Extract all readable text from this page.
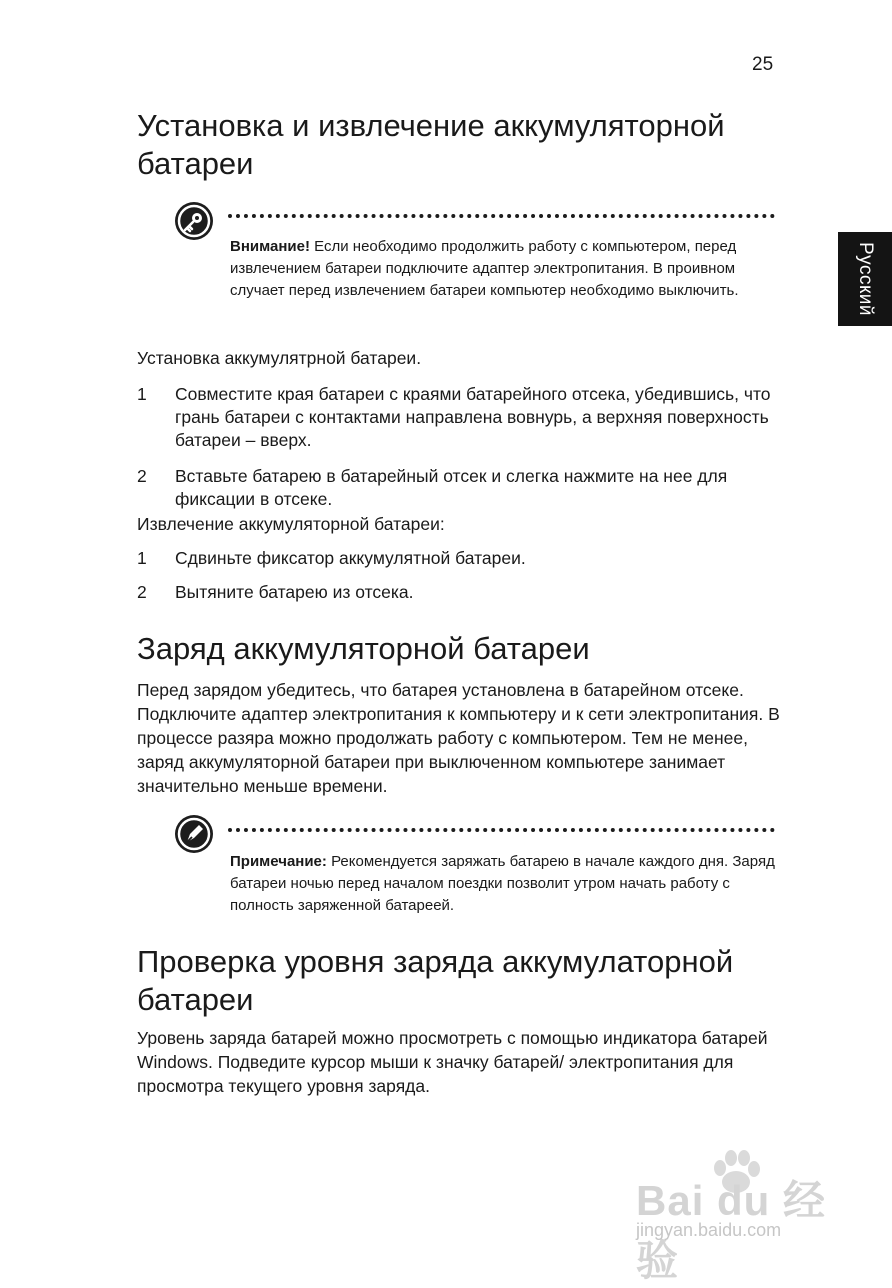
25
Русский
Установка и извлечение аккумуляторной
батареи

Внимание! Если необходимо продолжить работу с компьютером, перед извлечением батареи подключите адаптер электропитания. В проивном случает перед извлечением батареи компьютер необходимо выключить.

Установка аккумулятрной батареи.

1	Совместите края батареи с краями батарейного отсека, убедившись, что грань батареи с контактами направлена вовнурь, а верхняя поверхность батареи – вверх.
2	Вставьте батарею в батарейный отсек и слегка нажмите на нее для фиксации в отсеке.

Извлечение аккумуляторной батареи:

1	Сдвиньте фиксатор аккумулятной батареи.
2	Вытяните батарею из отсека.
Заряд аккумуляторной батареи

Перед зарядом убедитесь, что батарея установлена в батарейном отсеке. Подключите адаптер электропитания к компьютеру и к сети электропитания. В процессе разяра можно продолжать работу с компьютером. Тем не менее, заряд аккумуляторной батареи при выключенном компьютере занимает значительно меньше времени.

Примечание: Рекомендуется заряжать батарею в начале каждого дня. Заряд батареи ночью перед началом поездки позволит утром начать работу с полность заряженной батареей.

Проверка уровня заряда аккумулаторной
батареи

Уровень заряда батарей можно просмотреть с помощью индикатора батарей Windows. Подведите курсор мыши к значку батарей/ электропитания для просмотра текущего уровня заряда.

Bai du 经验
jingyan.baidu.com
